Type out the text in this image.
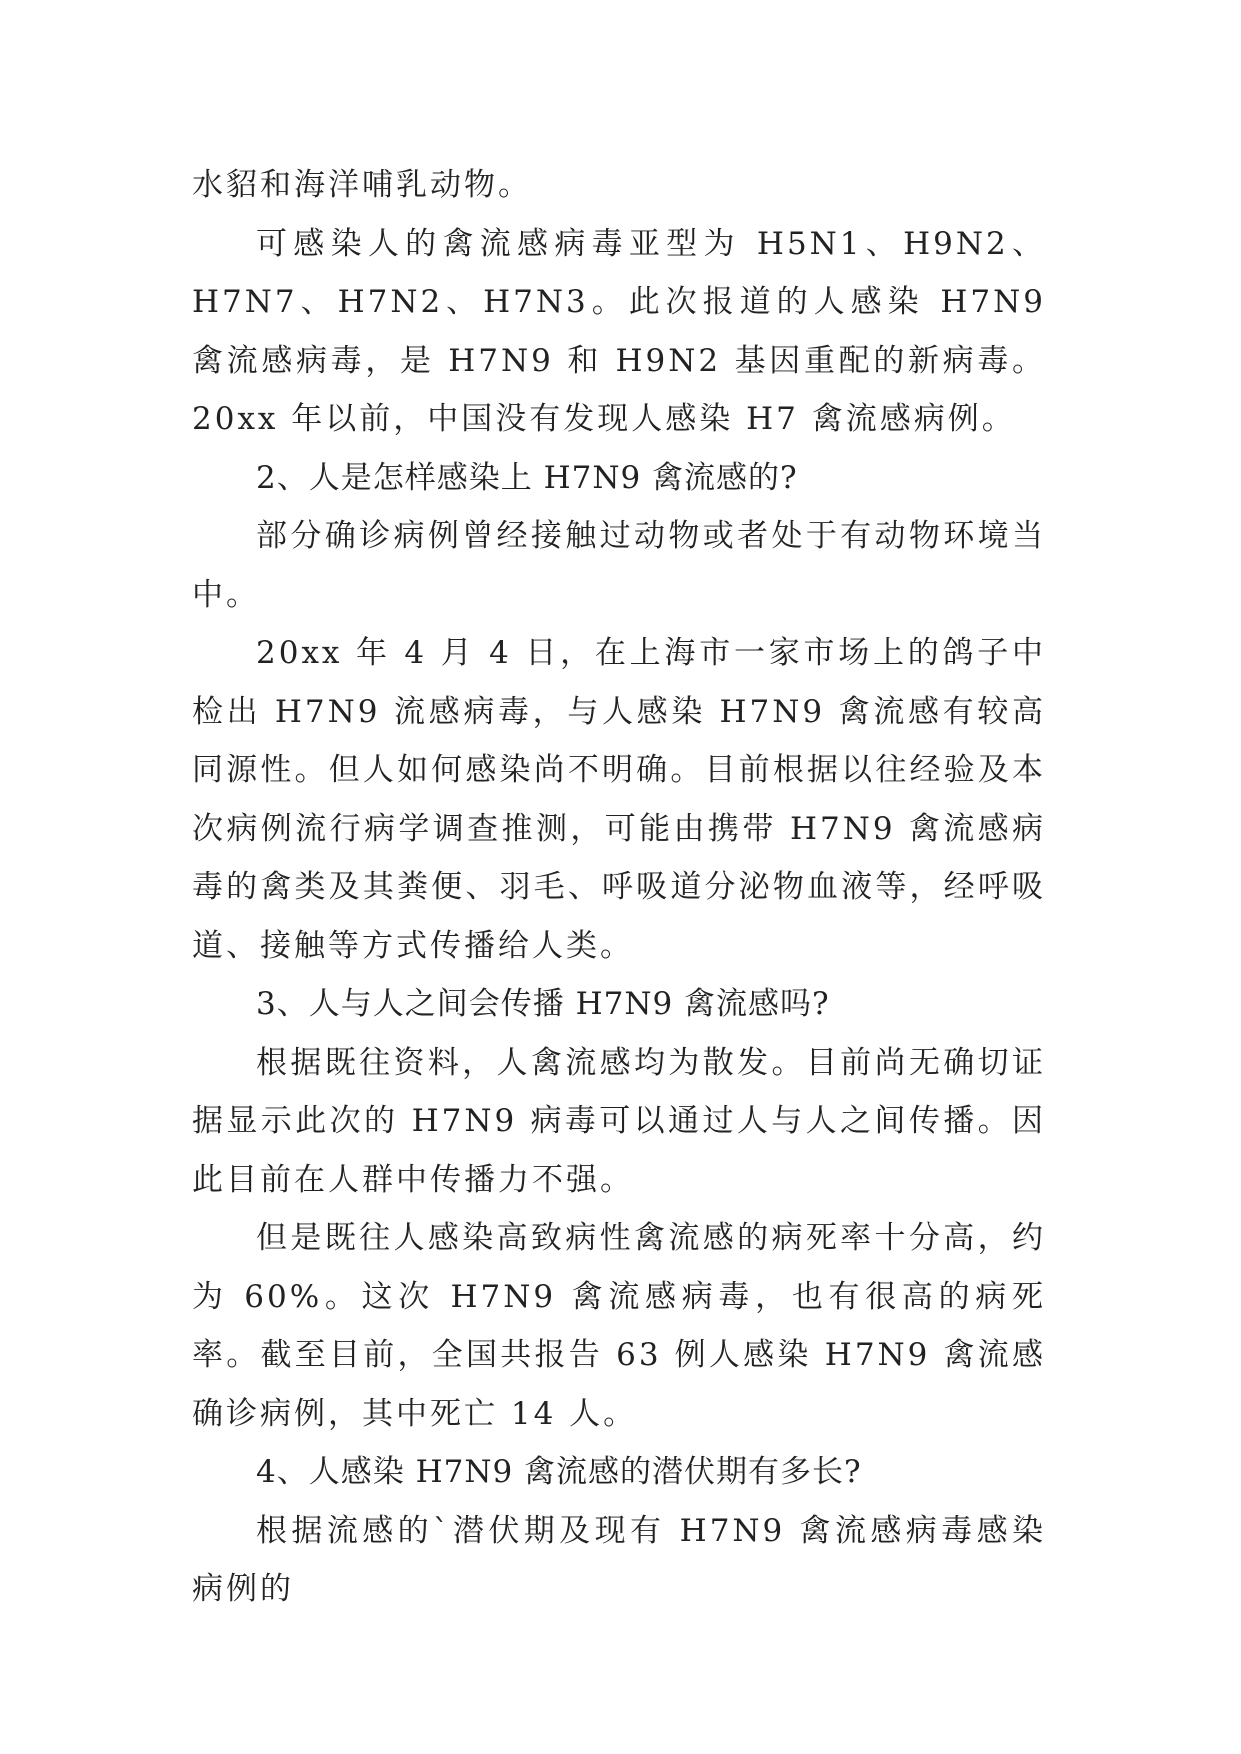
水貂和海洋哺乳动物。

可感染人的禽流感病毒亚型为 H5N1、H9N2、H7N7、H7N2、H7N3。此次报道的人感染 H7N9 禽流感病毒，是 H7N9 和 H9N2 基因重配的新病毒。20xx 年以前，中国没有发现人感染 H7 禽流感病例。

2、人是怎样感染上 H7N9 禽流感的?

部分确诊病例曾经接触过动物或者处于有动物环境当中。

20xx 年 4 月 4 日，在上海市一家市场上的鸽子中检出 H7N9 流感病毒，与人感染 H7N9 禽流感有较高同源性。但人如何感染尚不明确。目前根据以往经验及本次病例流行病学调查推测，可能由携带 H7N9 禽流感病毒的禽类及其粪便、羽毛、呼吸道分泌物血液等，经呼吸道、接触等方式传播给人类。

3、人与人之间会传播 H7N9 禽流感吗?

根据既往资料，人禽流感均为散发。目前尚无确切证据显示此次的 H7N9 病毒可以通过人与人之间传播。因此目前在人群中传播力不强。

但是既往人感染高致病性禽流感的病死率十分高，约为 60%。这次 H7N9 禽流感病毒，也有很高的病死率。截至目前，全国共报告 63 例人感染 H7N9 禽流感确诊病例，其中死亡 14 人。

4、人感染 H7N9 禽流感的潜伏期有多长?

根据流感的`潜伏期及现有 H7N9 禽流感病毒感染病例的
